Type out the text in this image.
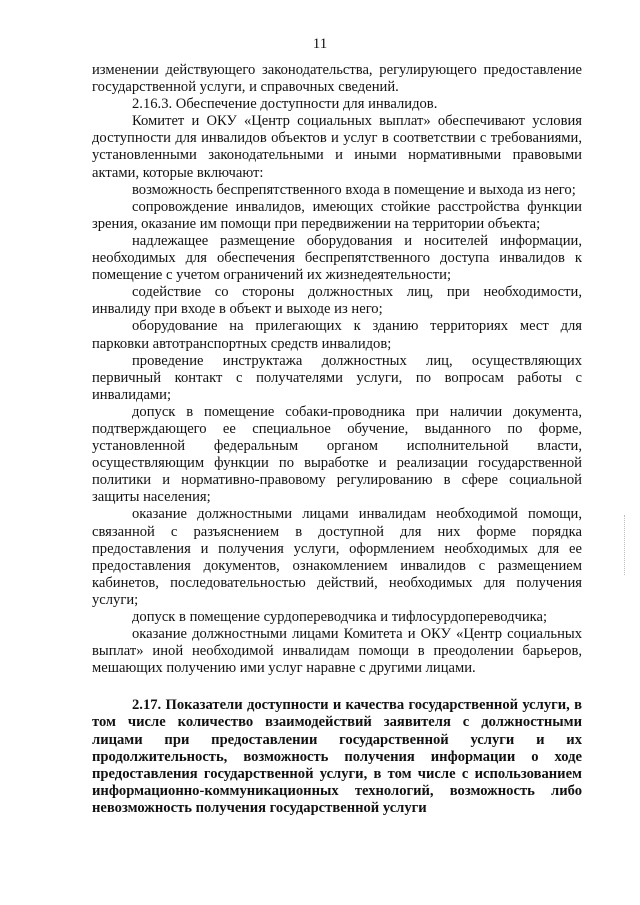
11

изменении действующего законодательства, регулирующего предоставление государственной услуги, и справочных сведений.

2.16.3. Обеспечение доступности для инвалидов.

Комитет и ОКУ «Центр социальных выплат» обеспечивают условия доступности для инвалидов объектов и услуг в соответствии с требованиями, установленными законодательными и иными нормативными правовыми актами, которые включают:

возможность беспрепятственного входа в помещение и выхода из него;

сопровождение инвалидов, имеющих стойкие расстройства функции зрения, оказание им помощи при передвижении на территории объекта;

надлежащее размещение оборудования и носителей информации, необходимых для обеспечения беспрепятственного доступа инвалидов к помещение с учетом ограничений их жизнедеятельности;

содействие со стороны должностных лиц, при необходимости, инвалиду при входе в объект и выходе из него;

оборудование на прилегающих к зданию территориях мест для парковки автотранспортных средств инвалидов;

проведение инструктажа должностных лиц, осуществляющих первичный контакт с получателями услуги, по вопросам работы с инвалидами;

допуск в помещение собаки-проводника при наличии документа, подтверждающего ее специальное обучение, выданного по форме, установленной федеральным органом исполнительной власти, осуществляющим функции по выработке и реализации государственной политики и нормативно-правовому регулированию в сфере социальной защиты населения;

оказание должностными лицами инвалидам необходимой помощи, связанной с разъяснением в доступной для них форме порядка предоставления и получения услуги, оформлением необходимых для ее предоставления документов, ознакомлением инвалидов с размещением кабинетов, последовательностью действий, необходимых для получения услуги;

допуск в помещение сурдопереводчика и тифлосурдопереводчика;

оказание должностными лицами Комитета и ОКУ «Центр социальных выплат» иной необходимой инвалидам помощи в преодолении барьеров, мешающих получению ими услуг наравне с другими лицами.

2.17. Показатели доступности и качества государственной услуги, в том числе количество взаимодействий заявителя с должностными лицами при предоставлении государственной услуги и их продолжительность, возможность получения информации о ходе предоставления государственной услуги, в том числе с использованием информационно-коммуникационных технологий, возможность либо невозможность получения государственной услуги
